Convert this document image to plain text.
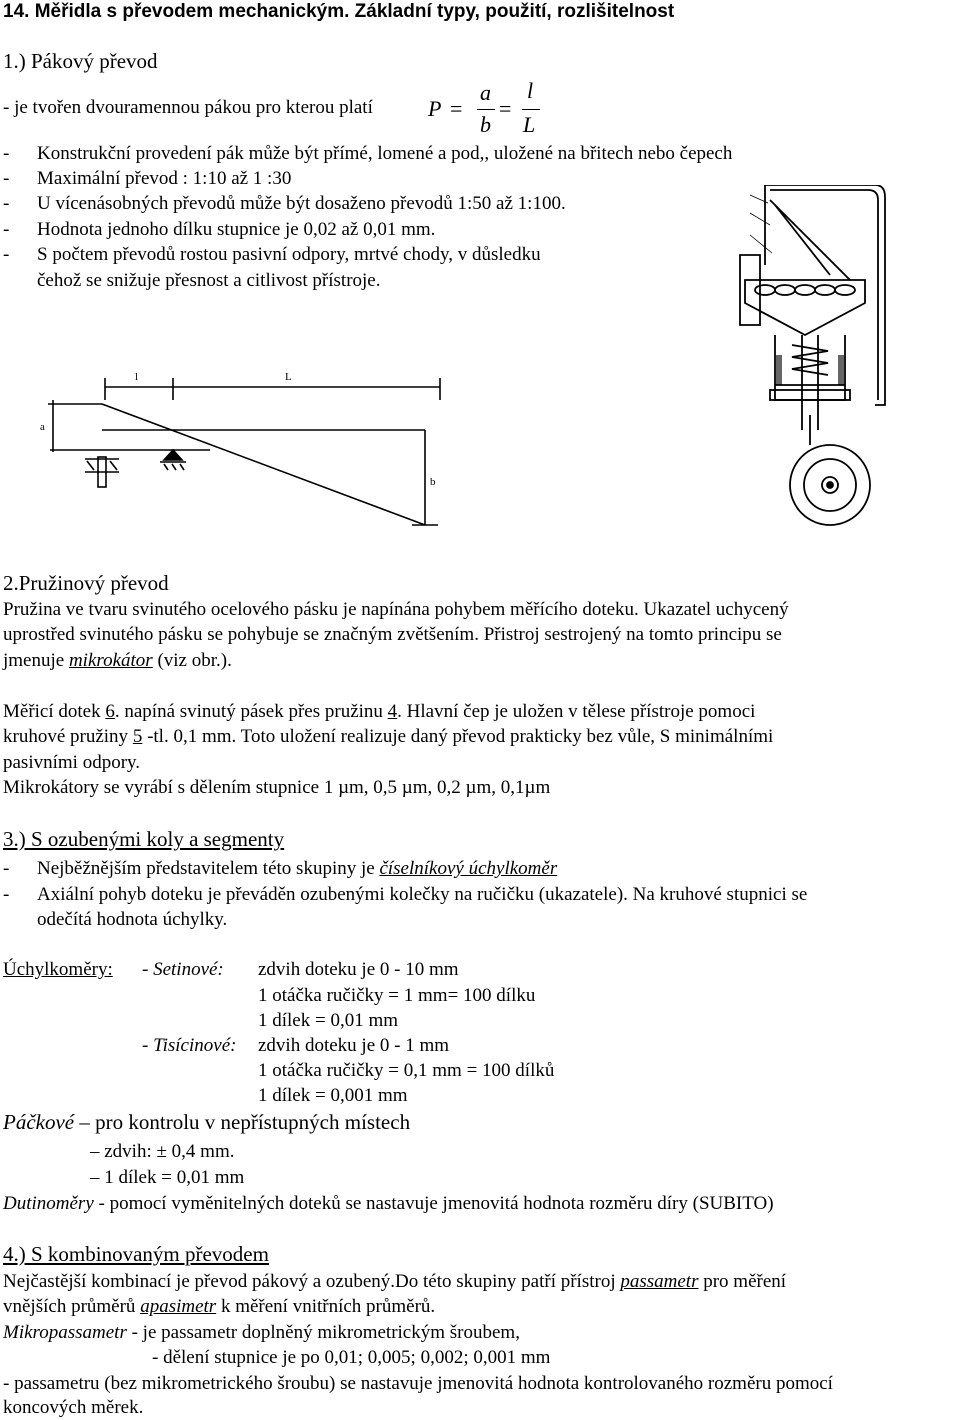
14. Měřidla s převodem mechanickým. Základní typy, použití, rozlišitelnost
1.) Pákový převod
- je tvořen dvouramennou pákou pro kterou platí	P =
a
b
=
l
L
- Konstrukční provedení pák může být přímé, lomené a pod,, uložené na břitech nebo čepech
- Maximální převod : 1:10 až 1 :30
- U vícenásobných převodů může být dosaženo převodů 1:50 až 1:100.
- Hodnota jednoho dílku stupnice je 0,02 až 0,01 mm.
- S počtem převodů rostou pasivní odpory, mrtvé chody, v důsledku
čehož se snižuje přesnost a citlivost přístroje.
l	L
a
b
2.Pružinový převod
Pružina ve tvaru svinutého ocelového pásku je napínána pohybem měřícího doteku. Ukazatel uchycený
uprostřed svinutého pásku se pohybuje se značným zvětšením. Přistroj sestrojený na tomto principu se
jmenuje mikrokátor (viz obr.).
Měřicí dotek 6. napíná svinutý pásek přes pružinu 4. Hlavní čep je uložen v tělese přístroje pomoci
kruhové pružiny 5 -tl. 0,1 mm. Toto uložení realizuje daný převod prakticky bez vůle, S minimálními
pasivními odpory.
Mikrokátory se vyrábí s dělením stupnice 1 µm, 0,5 µm, 0,2 µm, 0,1µm
3.) S ozubenými koly a segmenty
- Nejběžnějším představitelem této skupiny je číselníkový úchylkoměr
- Axiální pohyb doteku je převáděn ozubenými kolečky na ručičku (ukazatele). Na kruhové stupnici se
odečítá hodnota úchylky.
Úchylkoměry: - Setinové: zdvih doteku je 0 - 10 mm
1 otáčka ručičky = 1 mm= 100 dílku
1 dílek = 0,01 mm
- Tisícinové: zdvih doteku je 0 - 1 mm
1 otáčka ručičky = 0,1 mm = 100 dílků
1 dílek = 0,001 mm
Páčkové – pro kontrolu v nepřístupných místech
– zdvih: ± 0,4 mm.
– 1 dílek = 0,01 mm
Dutinoměry - pomocí vyměnitelných doteků se nastavuje jmenovitá hodnota rozměru díry (SUBITO)
4.) S kombinovaným převodem
Nejčastější kombinací je převod pákový a ozubený.Do této skupiny patří přístroj passametr pro měření
vnějších průměrů apasimetr k měření vnitřních průměrů.
Mikropassametr - je passametr doplněný mikrometrickým šroubem,
- dělení stupnice je po 0,01; 0,005; 0,002; 0,001 mm
- passametru (bez mikrometrického šroubu) se nastavuje jmenovitá hodnota kontrolovaného rozměru pomocí
koncových měrek.
